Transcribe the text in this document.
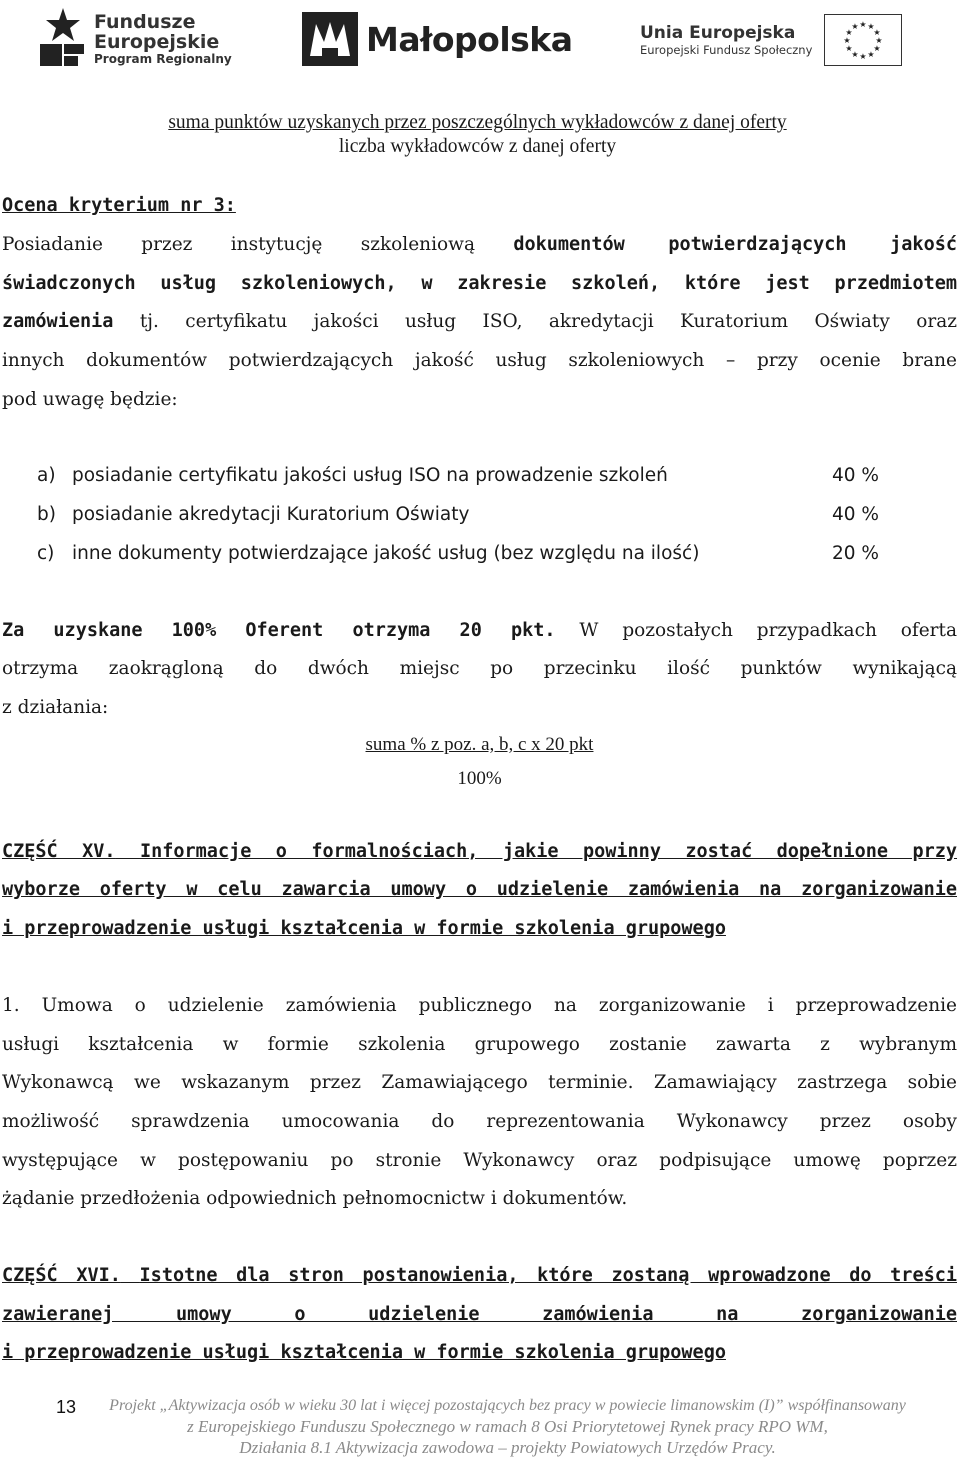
Fundusze
Europejskie
Program Regionalny
Małopolska	Unia Europejska
Europejski Fundusz Społeczny
★ ★
★
★
★
★
★
★
★
★
★
★
suma punktów uzyskanych przez poszczególnych wykładowców z danej oferty
liczba wykładowców z danej oferty
Ocena kryterium nr 3:
Posiadanie przez instytucję szkoleniową dokumentów potwierdzających jakość
świadczonych usług szkoleniowych, w zakresie szkoleń, które jest przedmiotem
zamówienia tj. certyfikatu jakości usług ISO, akredytacji Kuratorium Oświaty oraz
innych dokumentów potwierdzających jakość usług szkoleniowych – przy ocenie brane
pod uwagę będzie:
a) posiadanie certyfikatu jakości usług ISO na prowadzenie szkoleń	40 %
b) posiadanie akredytacji Kuratorium Oświaty	40 %
c) inne dokumenty potwierdzające jakość usług (bez względu na ilość)	20 %
Za uzyskane 100% Oferent otrzyma 20 pkt. W pozostałych przypadkach oferta
otrzyma zaokrągloną do dwóch miejsc po przecinku ilość punktów wynikającą
z działania:
suma % z poz. a, b, c x 20 pkt
100%
CZĘŚĆ XV. Informacje o formalnościach, jakie powinny zostać dopełnione przy
wyborze oferty w celu zawarcia umowy o udzielenie zamówienia na zorganizowanie
i przeprowadzenie usługi kształcenia w formie szkolenia grupowego
1. Umowa o udzielenie zamówienia publicznego na zorganizowanie i przeprowadzenie
usługi kształcenia w formie szkolenia grupowego zostanie zawarta z wybranym
Wykonawcą we wskazanym przez Zamawiającego terminie. Zamawiający zastrzega sobie
możliwość sprawdzenia umocowania do reprezentowania Wykonawcy przez osoby
występujące w postępowaniu po stronie Wykonawcy oraz podpisujące umowę poprzez
żądanie przedłożenia odpowiednich pełnomocnictw i dokumentów.
CZĘŚĆ XVI. Istotne dla stron postanowienia, które zostaną wprowadzone do treści
zawieranej umowy o udzielenie zamówienia na zorganizowanie
i przeprowadzenie usługi kształcenia w formie szkolenia grupowego
Projekt „Aktywizacja osób w wieku 30 lat i więcej pozostających bez pracy w powiecie limanowskim (I)” współfinansowany
z Europejskiego Funduszu Społecznego w ramach 8 Osi Priorytetowej Rynek pracy RPO WM,
Działania 8.1 Aktywizacja zawodowa – projekty Powiatowych Urzędów Pracy.
13
